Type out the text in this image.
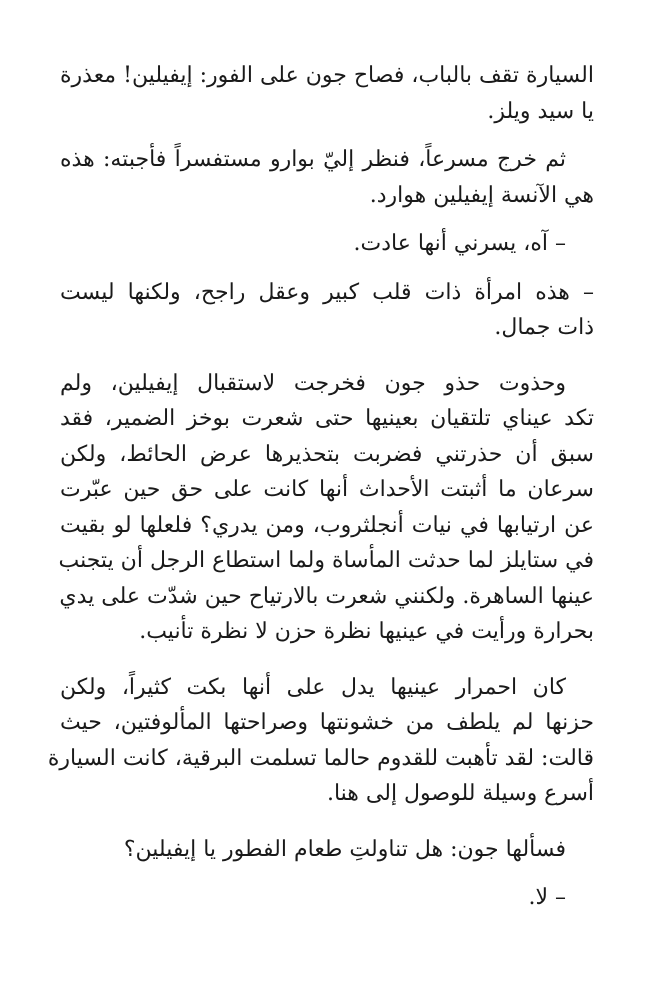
السيارة تقف بالباب، فصاح جون على الفور: إيفيلين! معذرة
يا سيد ويلز.

ثم خرج مسرعاً، فنظر إليّ بوارو مستفسراً فأجبته: هذه
هي الآنسة إيفيلين هوارد.

– آه، يسرني أنها عادت.

– هذه امرأة ذات قلب كبير وعقل راجح، ولكنها ليست
ذات جمال.

وحذوت حذو جون فخرجت لاستقبال إيفيلين، ولم
تكد عيناي تلتقيان بعينيها حتى شعرت بوخز الضمير، فقد
سبق أن حذرتني فضربت بتحذيرها عرض الحائط، ولكن
سرعان ما أثبتت الأحداث أنها كانت على حق حين عبّرت
عن ارتيابها في نيات أنجلثروب، ومن يدري؟ فلعلها لو بقيت
في ستايلز لما حدثت المأساة ولما استطاع الرجل أن يتجنب
عينها الساهرة. ولكنني شعرت بالارتياح حين شدّت على يدي
بحرارة ورأيت في عينيها نظرة حزن لا نظرة تأنيب.

كان احمرار عينيها يدل على أنها بكت كثيراً، ولكن
حزنها لم يلطف من خشونتها وصراحتها المألوفتين، حيث
قالت: لقد تأهبت للقدوم حالما تسلمت البرقية، كانت السيارة
أسرع وسيلة للوصول إلى هنا.

فسألها جون: هل تناولتِ طعام الفطور يا إيفيلين؟

– لا.
